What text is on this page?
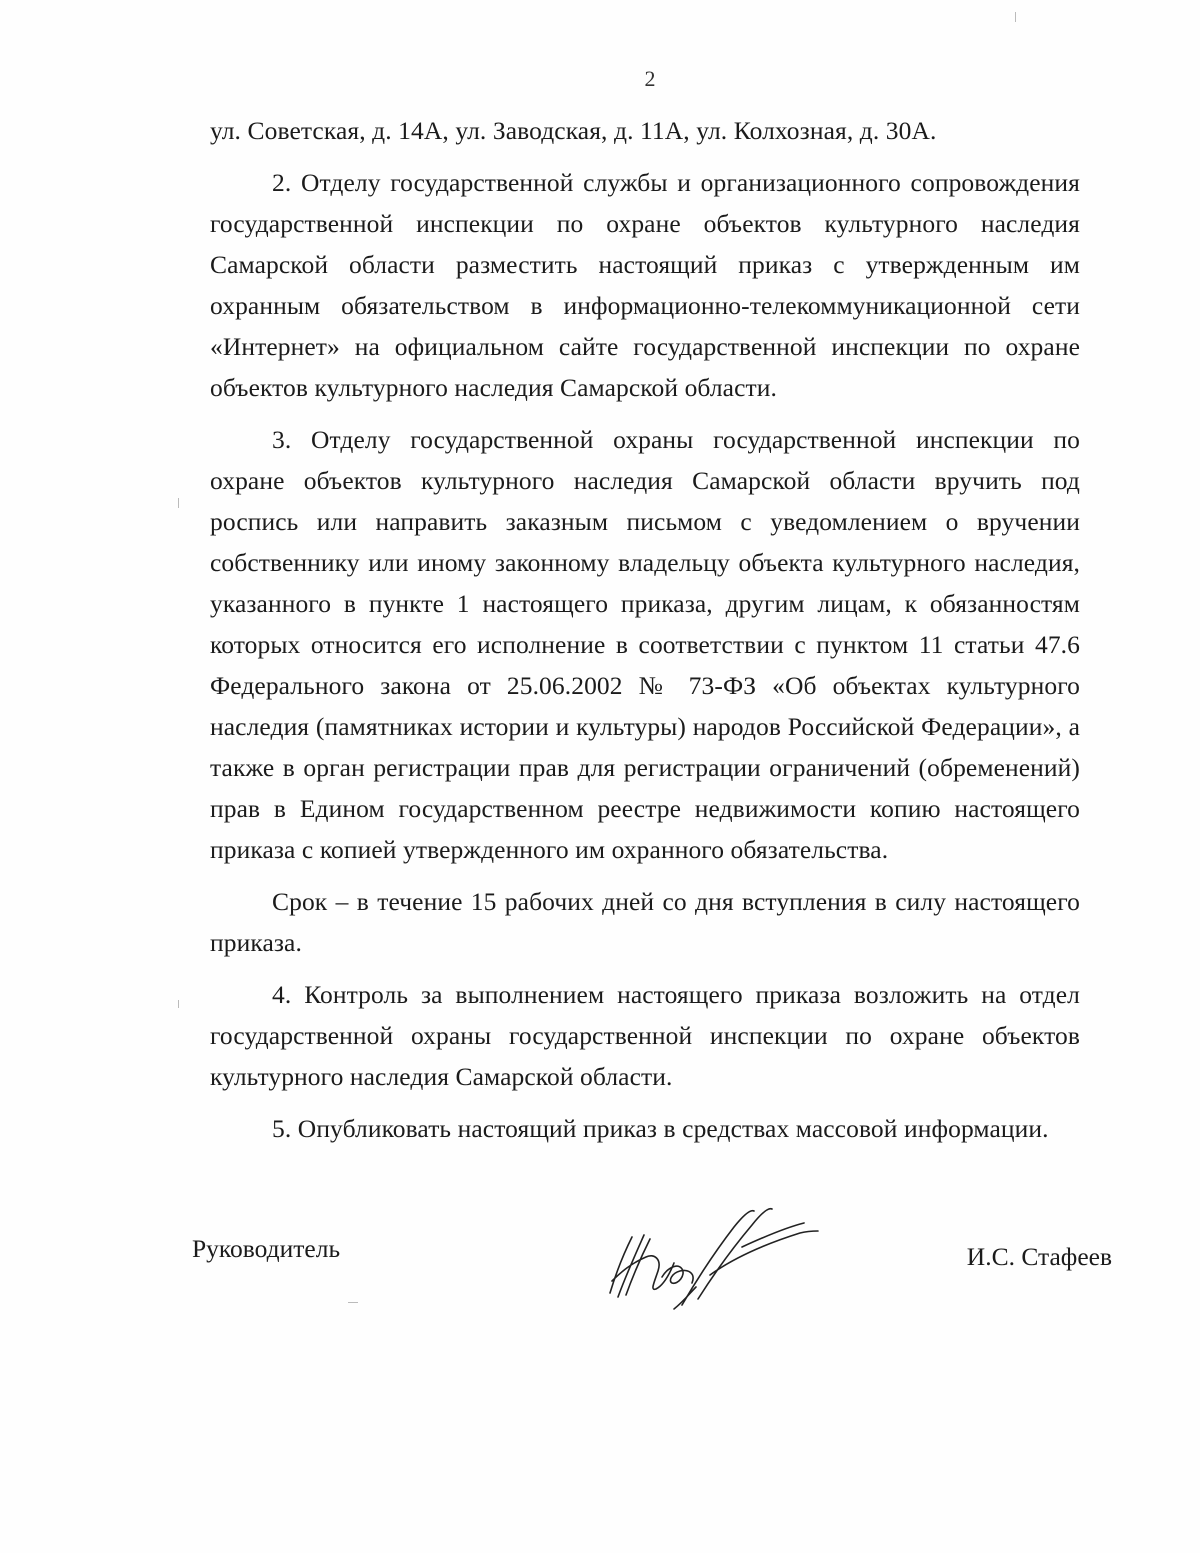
2

ул. Советская, д. 14А, ул. Заводская, д. 11А, ул. Колхозная, д. 30А.

2. Отделу государственной службы и организационного сопровождения государственной инспекции по охране объектов культурного наследия Самарской области разместить настоящий приказ с утвержденным им охранным обязательством в информационно-телекоммуникационной сети «Интернет» на официальном сайте государственной инспекции по охране объектов культурного наследия Самарской области.

3. Отделу государственной охраны государственной инспекции по охране объектов культурного наследия Самарской области вручить под роспись или направить заказным письмом с уведомлением о вручении собственнику или иному законному владельцу объекта культурного наследия, указанного в пункте 1 настоящего приказа, другим лицам, к обязанностям которых относится его исполнение в соответствии с пунктом 11 статьи 47.6 Федерального закона от 25.06.2002 № 73-ФЗ «Об объектах культурного наследия (памятниках истории и культуры) народов Российской Федерации», а также в орган регистрации прав для регистрации ограничений (обременений) прав в Едином государственном реестре недвижимости копию настоящего приказа с копией утвержденного им охранного обязательства.

Срок – в течение 15 рабочих дней со дня вступления в силу настоящего приказа.

4. Контроль за выполнением настоящего приказа возложить на отдел государственной охраны государственной инспекции по охране объектов культурного наследия Самарской области.

5. Опубликовать настоящий приказ в средствах массовой информации.

Руководитель	И.С. Стафеев
